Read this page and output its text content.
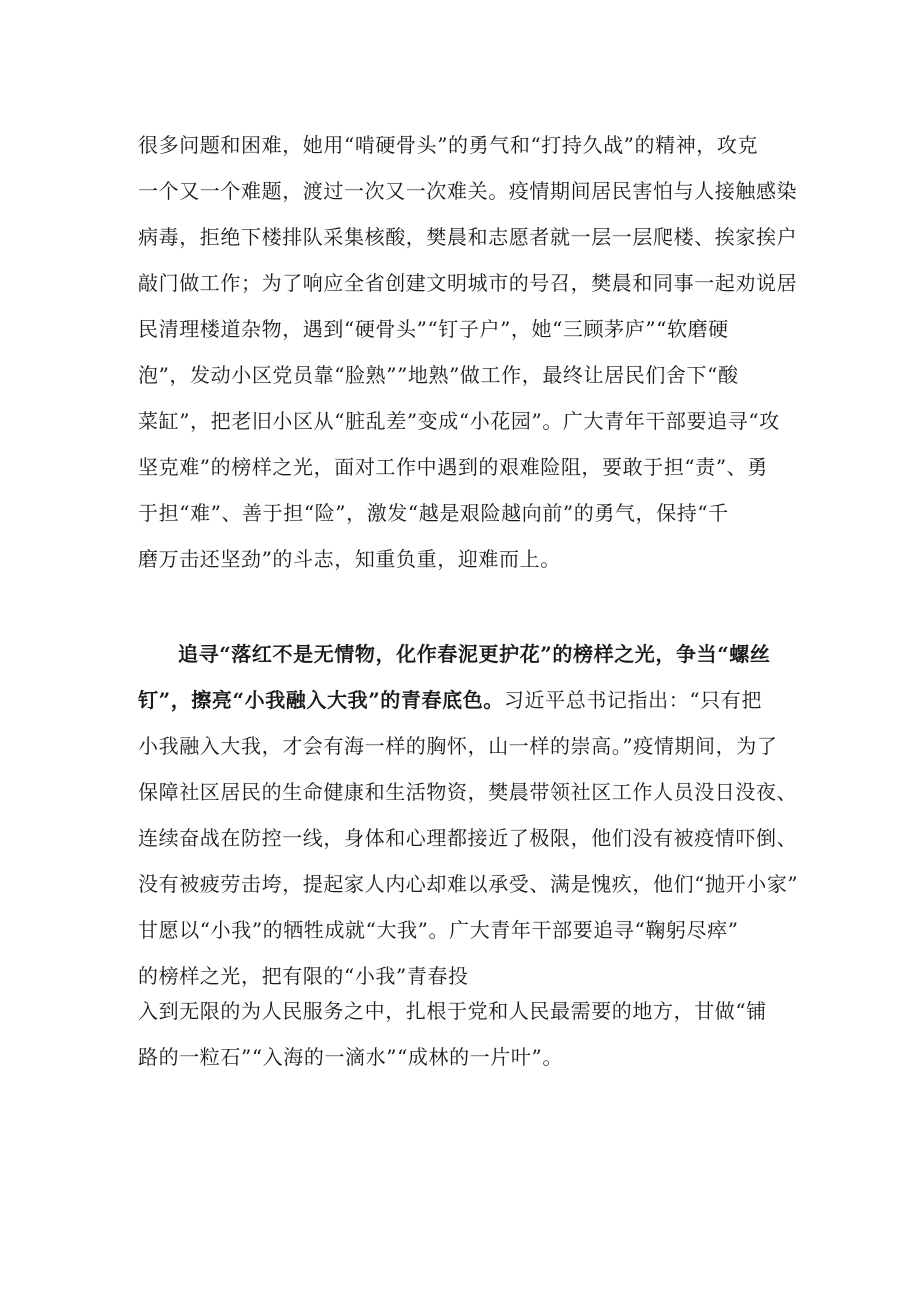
很多问题和困难，她用“啃硬骨头”的勇气和“打持久战”的精神，攻克
一个又一个难题，渡过一次又一次难关。疫情期间居民害怕与人接触感染
病毒，拒绝下楼排队采集核酸，樊晨和志愿者就一层一层爬楼、挨家挨户
敲门做工作；为了响应全省创建文明城市的号召，樊晨和同事一起劝说居
民清理楼道杂物，遇到“硬骨头”“钉子户”，她“三顾茅庐”“软磨硬
泡”，发动小区党员靠“脸熟””地熟”做工作，最终让居民们舍下“酸
菜缸”，把老旧小区从“脏乱差”变成“小花园”。广大青年干部要追寻“攻
坚克难”的榜样之光，面对工作中遇到的艰难险阻，要敢于担“责”、勇
于担“难”、善于担“险”，激发“越是艰险越向前”的勇气，保持“千
磨万击还坚劲”的斗志，知重负重，迎难而上。
追寻“落红不是无情物，化作春泥更护花”的榜样之光，争当“螺丝
钉”，擦亮“小我融入大我”的青春底色。习近平总书记指出：“只有把
小我融入大我，才会有海一样的胸怀，山一样的崇高。”疫情期间，为了
保障社区居民的生命健康和生活物资，樊晨带领社区工作人员没日没夜、
连续奋战在防控一线，身体和心理都接近了极限，他们没有被疫情吓倒、
没有被疲劳击垮，提起家人内心却难以承受、满是愧疚，他们“抛开小家”
甘愿以“小我”的牺牲成就“大我”。广大青年干部要追寻“鞠躬尽瘁”
的榜样之光，把有限的“小我”青春投
入到无限的为人民服务之中，扎根于党和人民最需要的地方，甘做“铺
路的一粒石”“入海的一滴水”“成林的一片叶”。
